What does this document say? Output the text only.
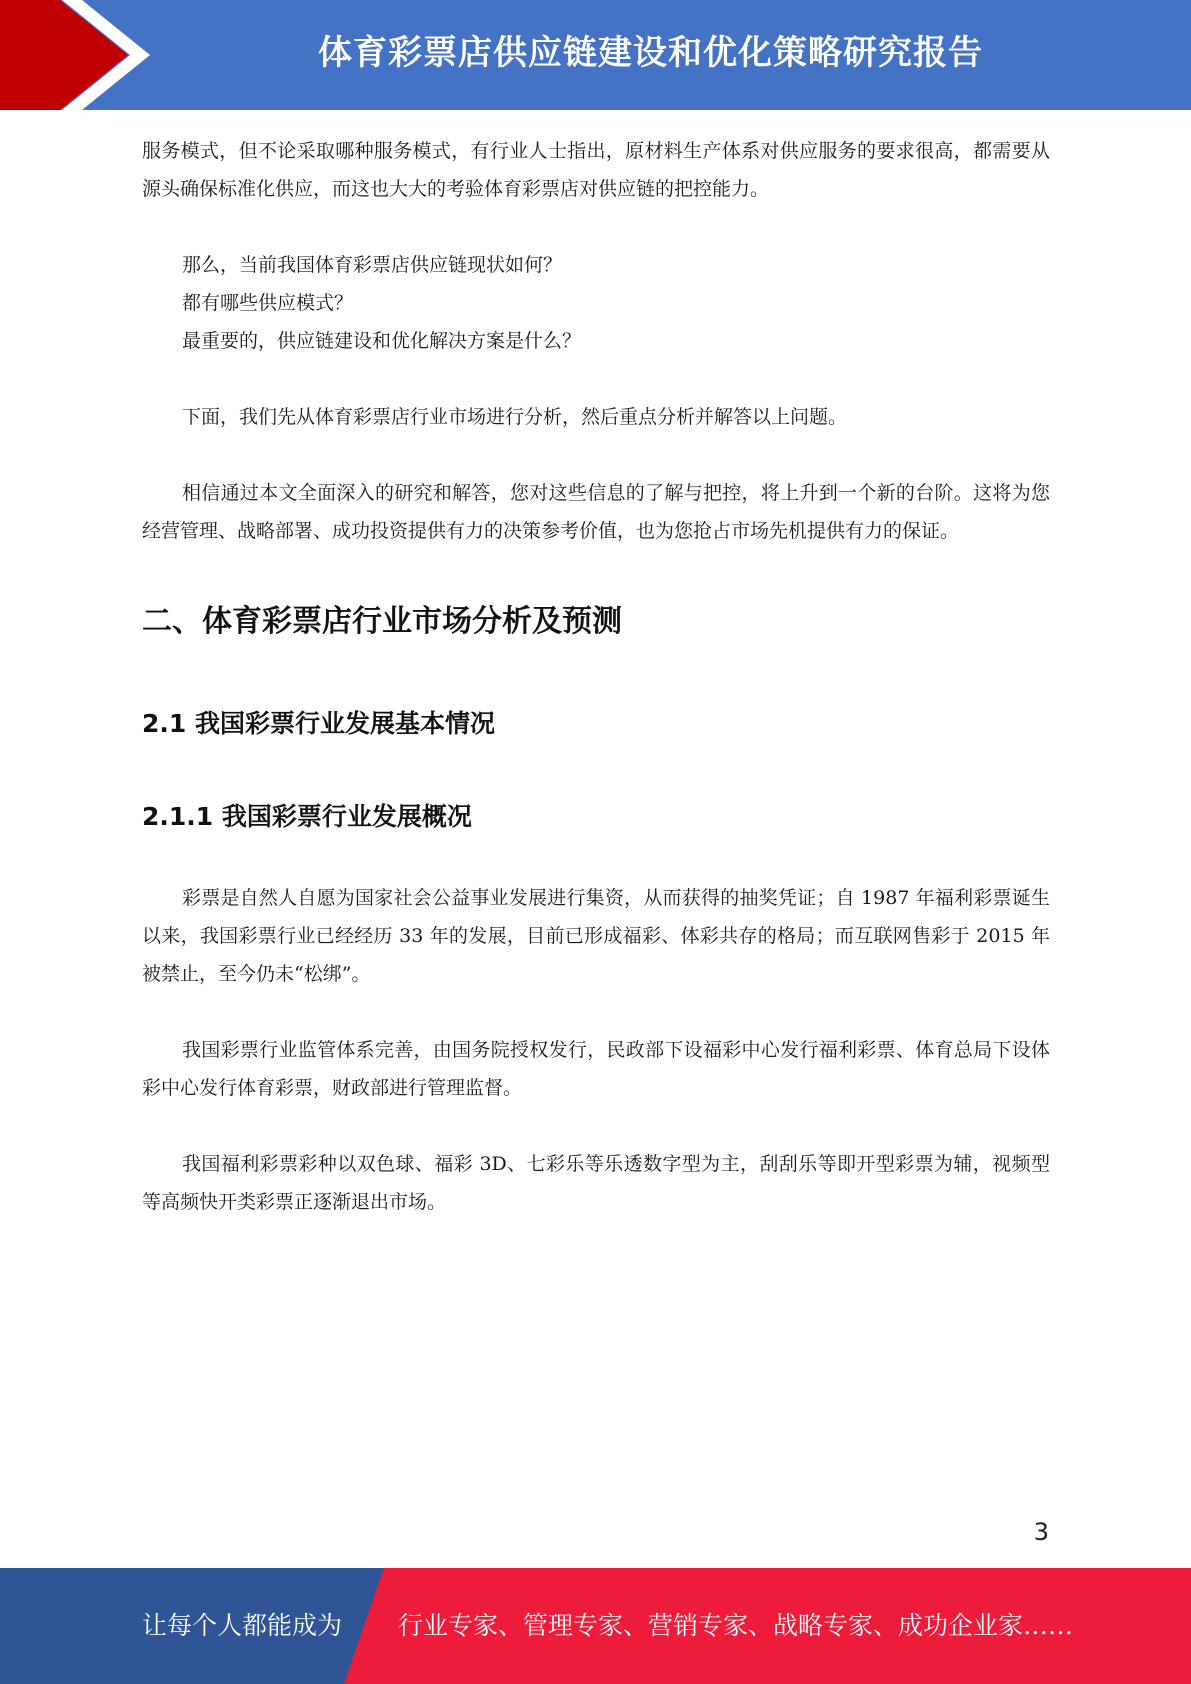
体育彩票店供应链建设和优化策略研究报告

服务模式，但不论采取哪种服务模式，有行业人士指出，原材料生产体系对供应服务的要求很高，都需要从源头确保标准化供应，而这也大大的考验体育彩票店对供应链的把控能力。

那么，当前我国体育彩票店供应链现状如何？
都有哪些供应模式？
最重要的，供应链建设和优化解决方案是什么？

下面，我们先从体育彩票店行业市场进行分析，然后重点分析并解答以上问题。

相信通过本文全面深入的研究和解答，您对这些信息的了解与把控，将上升到一个新的台阶。这将为您经营管理、战略部署、成功投资提供有力的决策参考价值，也为您抢占市场先机提供有力的保证。

二、体育彩票店行业市场分析及预测
2.1 我国彩票行业发展基本情况
2.1.1 我国彩票行业发展概况

彩票是自然人自愿为国家社会公益事业发展进行集资，从而获得的抽奖凭证；自 1987 年福利彩票诞生以来，我国彩票行业已经经历 33 年的发展，目前已形成福彩、体彩共存的格局；而互联网售彩于 2015 年被禁止，至今仍未“松绑”。

我国彩票行业监管体系完善，由国务院授权发行，民政部下设福彩中心发行福利彩票、体育总局下设体彩中心发行体育彩票，财政部进行管理监督。

我国福利彩票彩种以双色球、福彩 3D、七彩乐等乐透数字型为主，刮刮乐等即开型彩票为辅，视频型等高频快开类彩票正逐渐退出市场。

3
让每个人都能成为 行业专家、管理专家、营销专家、战略专家、成功企业家……
